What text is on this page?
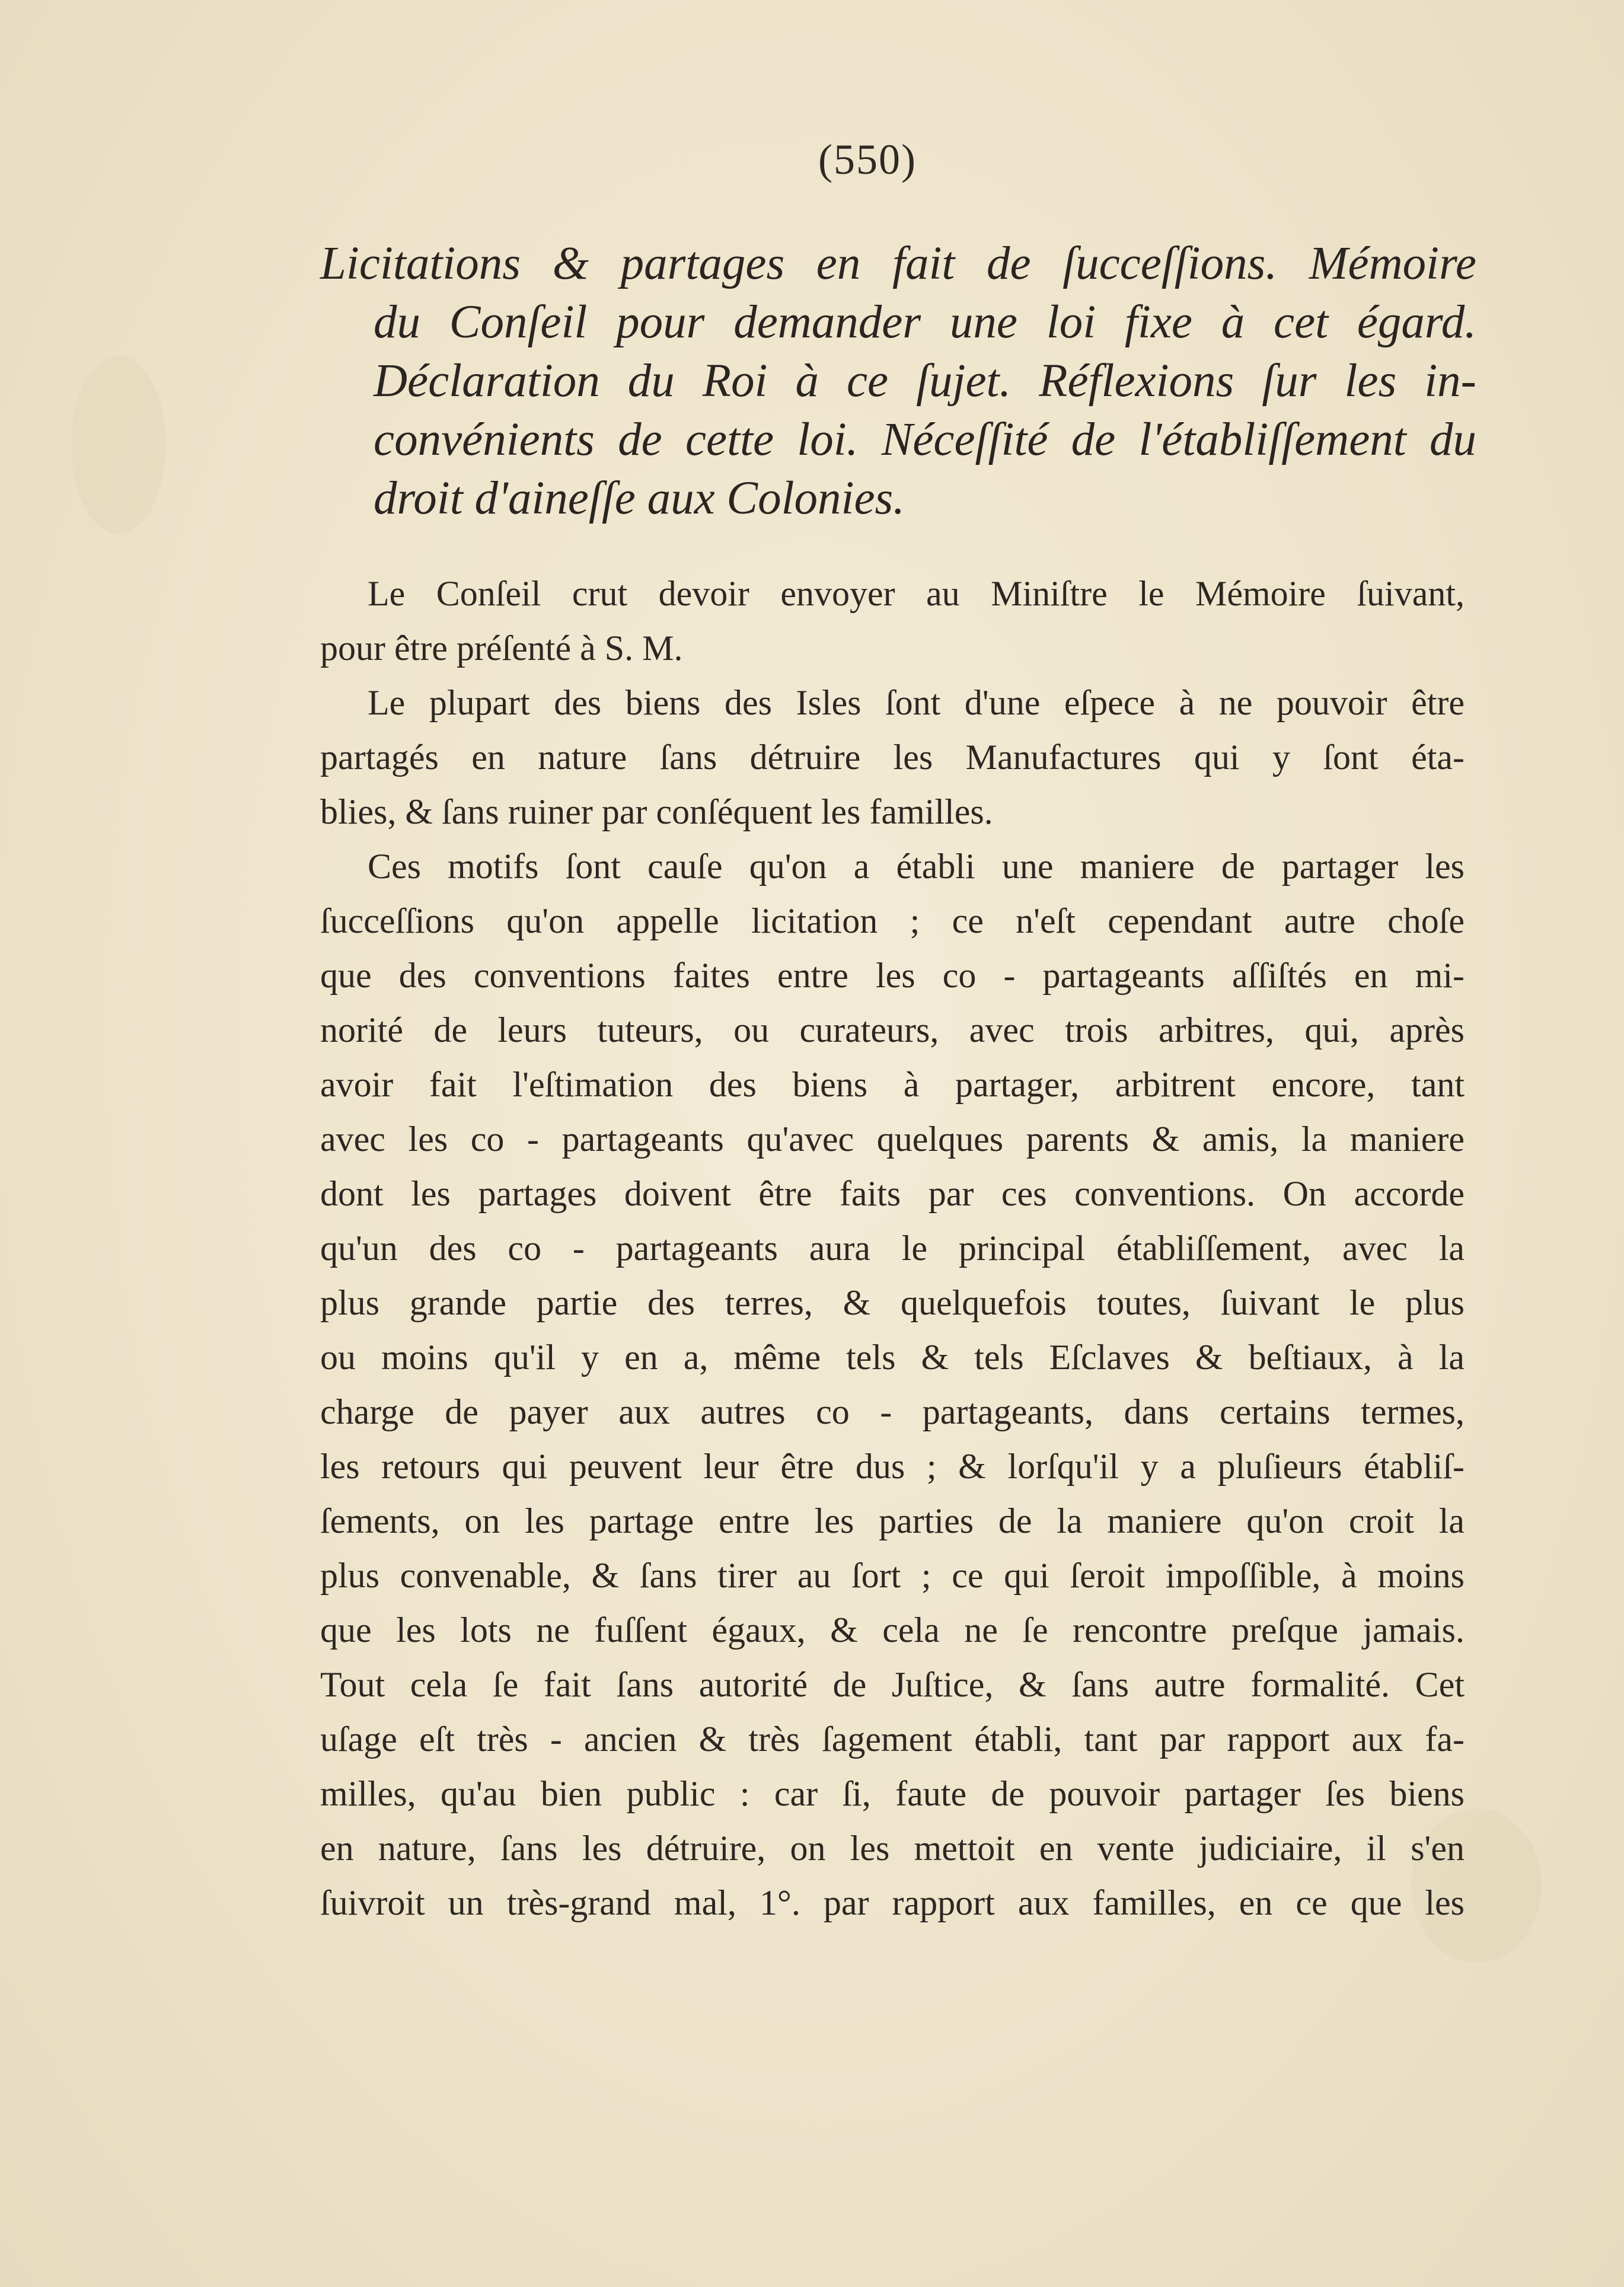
(550)
Licitations & partages en fait de ſucceſſions. Mémoire
du Conſeil pour demander une loi fixe à cet égard.
Déclaration du Roi à ce ſujet. Réflexions ſur les in-
convénients de cette loi. Néceſſité de l'établiſſement du
droit d'aineſſe aux Colonies.
Le Conſeil crut devoir envoyer au Miniſtre le Mémoire ſuivant,
pour être préſenté à S. M.
Le plupart des biens des Isles ſont d'une eſpece à ne pouvoir être
partagés en nature ſans détruire les Manufactures qui y ſont éta-
blies, & ſans ruiner par conſéquent les familles.
Ces motifs ſont cauſe qu'on a établi une maniere de partager les
ſucceſſions qu'on appelle licitation ; ce n'eſt cependant autre choſe
que des conventions faites entre les co - partageants aſſiſtés en mi-
norité de leurs tuteurs, ou curateurs, avec trois arbitres, qui, après
avoir fait l'eſtimation des biens à partager, arbitrent encore, tant
avec les co - partageants qu'avec quelques parents & amis, la maniere
dont les partages doivent être faits par ces conventions. On accorde
qu'un des co - partageants aura le principal établiſſement, avec la
plus grande partie des terres, & quelquefois toutes, ſuivant le plus
ou moins qu'il y en a, même tels & tels Eſclaves & beſtiaux, à la
charge de payer aux autres co - partageants, dans certains termes,
les retours qui peuvent leur être dus ; & lorſqu'il y a pluſieurs établiſ-
ſements, on les partage entre les parties de la maniere qu'on croit la
plus convenable, & ſans tirer au ſort ; ce qui ſeroit impoſſible, à moins
que les lots ne fuſſent égaux, & cela ne ſe rencontre preſque jamais.
Tout cela ſe fait ſans autorité de Juſtice, & ſans autre formalité. Cet
uſage eſt très - ancien & très ſagement établi, tant par rapport aux fa-
milles, qu'au bien public : car ſi, faute de pouvoir partager ſes biens
en nature, ſans les détruire, on les mettoit en vente judiciaire, il s'en
ſuivroit un très-grand mal, 1°. par rapport aux familles, en ce que les
